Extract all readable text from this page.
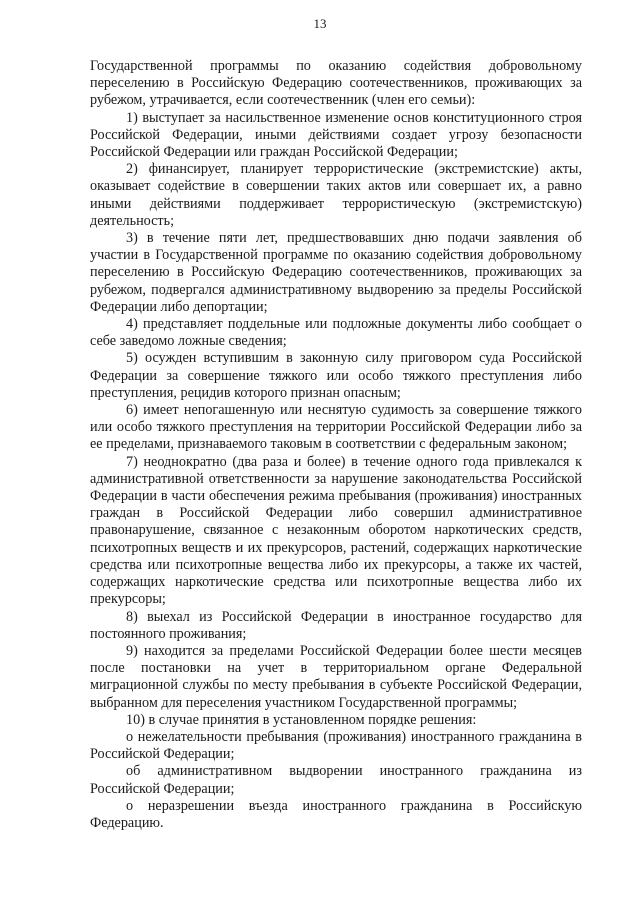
13

Государственной программы по оказанию содействия добровольному переселению в Российскую Федерацию соотечественников, проживающих за рубежом, утрачивается, если соотечественник (член его семьи):

1) выступает за насильственное изменение основ конституционного строя Российской Федерации, иными действиями создает угрозу безопасности Российской Федерации или граждан Российской Федерации;

2) финансирует, планирует террористические (экстремистские) акты, оказывает содействие в совершении таких актов или совершает их, а равно иными действиями поддерживает террористическую (экстремистскую) деятельность;

3) в течение пяти лет, предшествовавших дню подачи заявления об участии в Государственной программе по оказанию содействия добровольному переселению в Российскую Федерацию соотечественников, проживающих за рубежом, подвергался административному выдворению за пределы Российской Федерации либо депортации;

4) представляет поддельные или подложные документы либо сообщает о себе заведомо ложные сведения;

5) осужден вступившим в законную силу приговором суда Российской Федерации за совершение тяжкого или особо тяжкого преступления либо преступления, рецидив которого признан опасным;

6) имеет непогашенную или неснятую судимость за совершение тяжкого или особо тяжкого преступления на территории Российской Федерации либо за ее пределами, признаваемого таковым в соответствии с федеральным законом;

7) неоднократно (два раза и более) в течение одного года привлекался к административной ответственности за нарушение законодательства Российской Федерации в части обеспечения режима пребывания (проживания) иностранных граждан в Российской Федерации либо совершил административное правонарушение, связанное с незаконным оборотом наркотических средств, психотропных веществ и их прекурсоров, растений, содержащих наркотические средства или психотропные вещества либо их прекурсоры, а также их частей, содержащих наркотические средства или психотропные вещества либо их прекурсоры;

8) выехал из Российской Федерации в иностранное государство для постоянного проживания;

9) находится за пределами Российской Федерации более шести месяцев после постановки на учет в территориальном органе Федеральной миграционной службы по месту пребывания в субъекте Российской Федерации, выбранном для переселения участником Государственной программы;

10) в случае принятия в установленном порядке решения:

о нежелательности пребывания (проживания) иностранного гражданина в Российской Федерации;

об административном выдворении иностранного гражданина из Российской Федерации;

о неразрешении въезда иностранного гражданина в Российскую Федерацию.
